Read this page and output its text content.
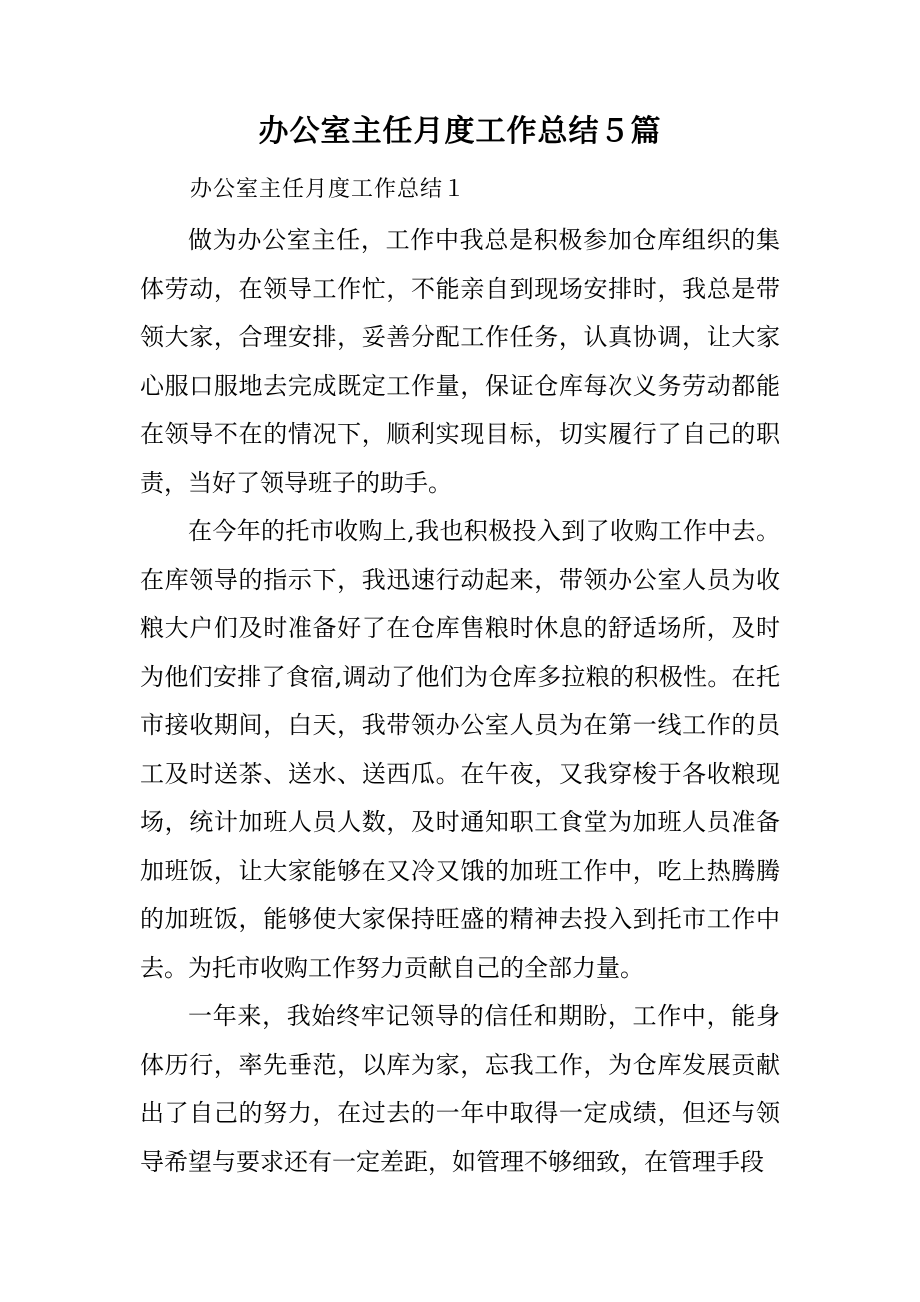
办公室主任月度工作总结５篇
办公室主任月度工作总结１

做为办公室主任，工作中我总是积极参加仓库组织的集体劳动，在领导工作忙，不能亲自到现场安排时，我总是带领大家，合理安排，妥善分配工作任务，认真协调，让大家心服口服地去完成既定工作量，保证仓库每次义务劳动都能在领导不在的情况下，顺利实现目标，切实履行了自己的职责，当好了领导班子的助手。

在今年的托市收购上,我也积极投入到了收购工作中去。在库领导的指示下，我迅速行动起来，带领办公室人员为收粮大户们及时准备好了在仓库售粮时休息的舒适场所，及时为他们安排了食宿,调动了他们为仓库多拉粮的积极性。在托市接收期间，白天，我带领办公室人员为在第一线工作的员工及时送茶、送水、送西瓜。在午夜，又我穿梭于各收粮现场，统计加班人员人数，及时通知职工食堂为加班人员准备加班饭，让大家能够在又冷又饿的加班工作中，吃上热腾腾的加班饭，能够使大家保持旺盛的精神去投入到托市工作中去。为托市收购工作努力贡献自己的全部力量。

一年来，我始终牢记领导的信任和期盼，工作中，能身体历行，率先垂范，以库为家，忘我工作，为仓库发展贡献出了自己的努力，在过去的一年中取得一定成绩，但还与领导希望与要求还有一定差距，如管理不够细致，在管理手段
